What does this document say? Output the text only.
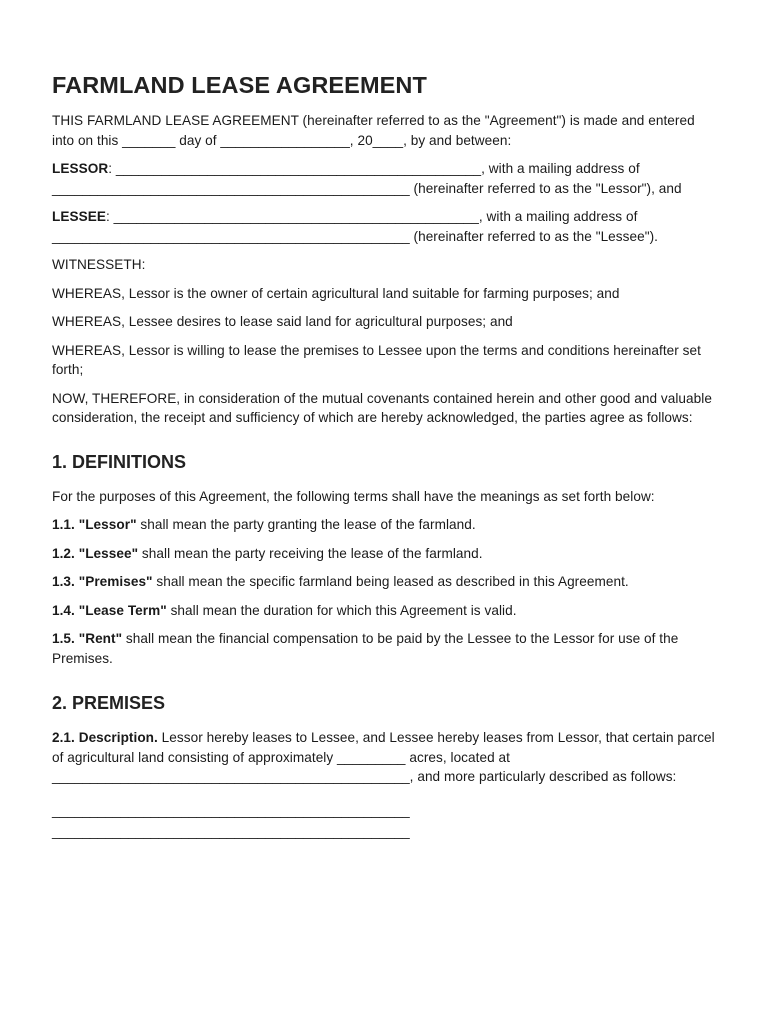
FARMLAND LEASE AGREEMENT

THIS FARMLAND LEASE AGREEMENT (hereinafter referred to as the "Agreement") is made and entered into on this _______ day of _________________, 20____, by and between:

LESSOR: ________________________________________________, with a mailing address of _______________________________________________ (hereinafter referred to as the "Lessor"), and

LESSEE: ________________________________________________, with a mailing address of _______________________________________________ (hereinafter referred to as the "Lessee").

WITNESSETH:

WHEREAS, Lessor is the owner of certain agricultural land suitable for farming purposes; and

WHEREAS, Lessee desires to lease said land for agricultural purposes; and

WHEREAS, Lessor is willing to lease the premises to Lessee upon the terms and conditions hereinafter set forth;

NOW, THEREFORE, in consideration of the mutual covenants contained herein and other good and valuable consideration, the receipt and sufficiency of which are hereby acknowledged, the parties agree as follows:

1. DEFINITIONS

For the purposes of this Agreement, the following terms shall have the meanings as set forth below:

1.1. "Lessor" shall mean the party granting the lease of the farmland.

1.2. "Lessee" shall mean the party receiving the lease of the farmland.

1.3. "Premises" shall mean the specific farmland being leased as described in this Agreement.

1.4. "Lease Term" shall mean the duration for which this Agreement is valid.

1.5. "Rent" shall mean the financial compensation to be paid by the Lessee to the Lessor for use of the Premises.

2. PREMISES

2.1. Description. Lessor hereby leases to Lessee, and Lessee hereby leases from Lessor, that certain parcel of agricultural land consisting of approximately _________ acres, located at _______________________________________________, and more particularly described as follows:

_______________________________________________

_______________________________________________
